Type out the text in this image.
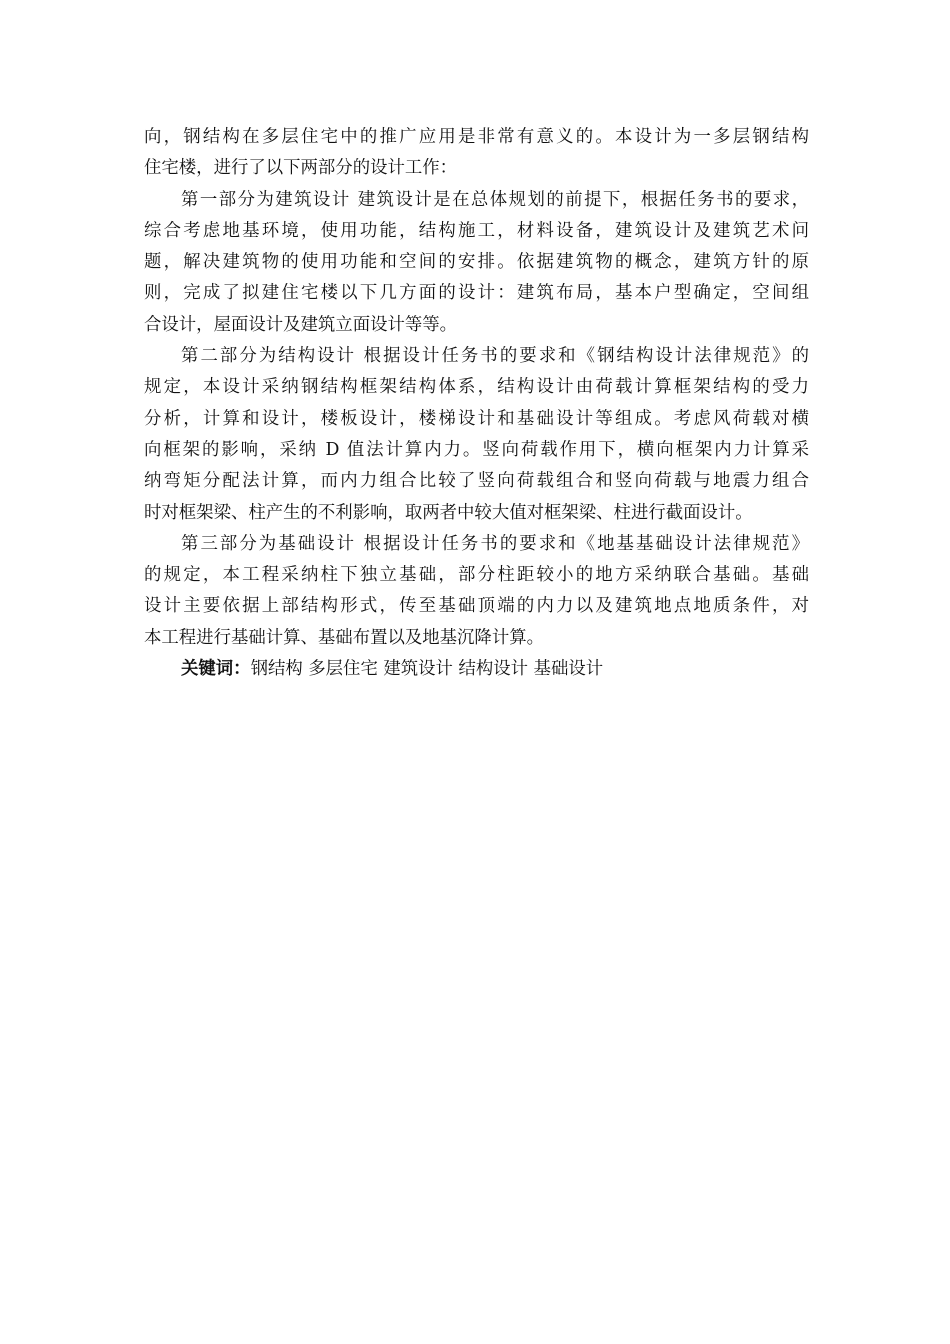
向，钢结构在多层住宅中的推广应用是非常有意义的。本设计为一多层钢结构
住宅楼，进行了以下两部分的设计工作：
第一部分为建筑设计 建筑设计是在总体规划的前提下，根据任务书的要求，
综合考虑地基环境，使用功能，结构施工，材料设备，建筑设计及建筑艺术问
题，解决建筑物的使用功能和空间的安排。依据建筑物的概念，建筑方针的原
则，完成了拟建住宅楼以下几方面的设计：建筑布局，基本户型确定，空间组
合设计，屋面设计及建筑立面设计等等。
第二部分为结构设计 根据设计任务书的要求和《钢结构设计法律规范》的
规定，本设计采纳钢结构框架结构体系，结构设计由荷载计算框架结构的受力
分析，计算和设计，楼板设计，楼梯设计和基础设计等组成。考虑风荷载对横
向框架的影响，采纳 D 值法计算内力。竖向荷载作用下，横向框架内力计算采
纳弯矩分配法计算，而内力组合比较了竖向荷载组合和竖向荷载与地震力组合
时对框架梁、柱产生的不利影响，取两者中较大值对框架梁、柱进行截面设计。
第三部分为基础设计 根据设计任务书的要求和《地基基础设计法律规范》
的规定，本工程采纳柱下独立基础，部分柱距较小的地方采纳联合基础。基础
设计主要依据上部结构形式，传至基础顶端的内力以及建筑地点地质条件，对
本工程进行基础计算、基础布置以及地基沉降计算。
关键词：钢结构 多层住宅 建筑设计 结构设计 基础设计
